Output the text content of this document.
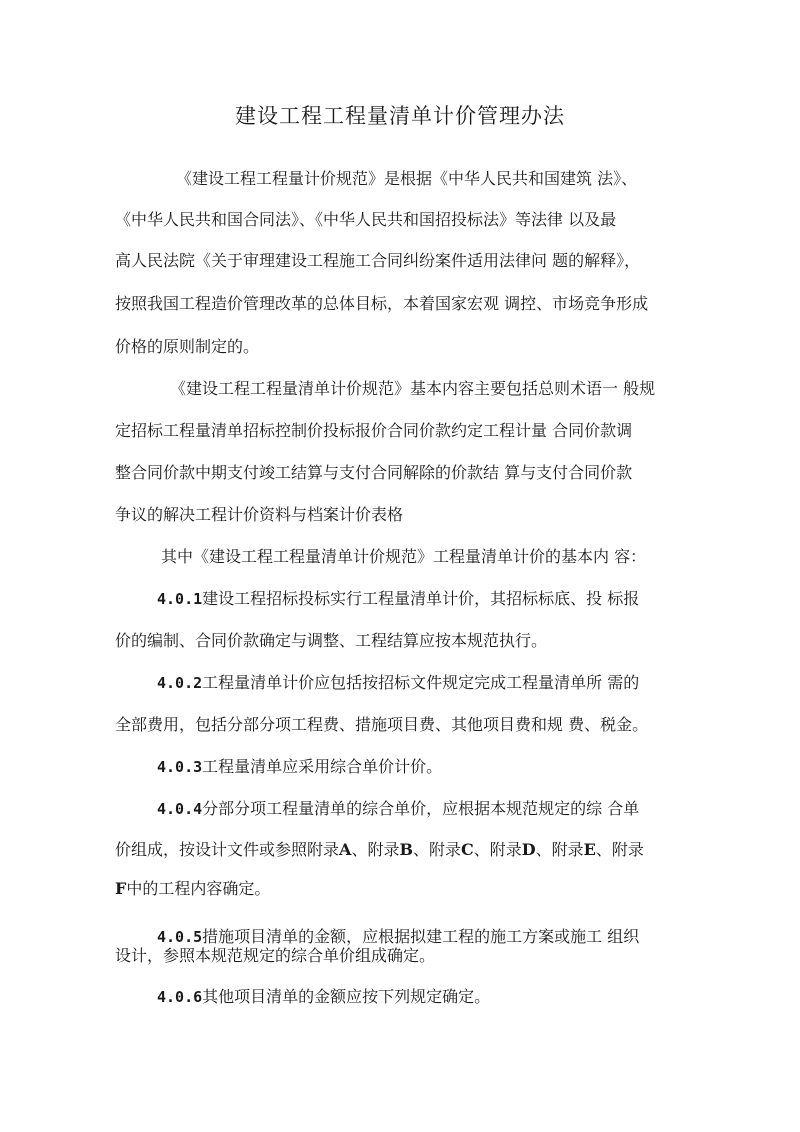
建设工程工程量清单计价管理办法
《建设工程工程量计价规范》是根据《中华人民共和国建筑 法》、
《中华人民共和国合同法》、《中华人民共和国招投标法》等法律 以及最
高人民法院《关于审理建设工程施工合同纠纷案件适用法律问 题的解释》，
按照我国工程造价管理改革的总体目标，本着国家宏观 调控、市场竞争形成
价格的原则制定的。
《建设工程工程量清单计价规范》基本内容主要包括总则术语一 般规
定招标工程量清单招标控制价投标报价合同价款约定工程计量 合同价款调
整合同价款中期支付竣工结算与支付合同解除的价款结 算与支付合同价款
争议的解决工程计价资料与档案计价表格
其中《建设工程工程量清单计价规范》工程量清单计价的基本内 容：
4.0.1建设工程招标投标实行工程量清单计价，其招标标底、投 标报
价的编制、合同价款确定与调整、工程结算应按本规范执行。
4.0.2工程量清单计价应包括按招标文件规定完成工程量清单所 需的
全部费用，包括分部分项工程费、措施项目费、其他项目费和规 费、税金。
4.0.3工程量清单应采用综合单价计价。
4.0.4分部分项工程量清单的综合单价，应根据本规范规定的综 合单
价组成，按设计文件或参照附录A、附录B、附录C、附录D、附录E、附录
F中的工程内容确定。
4.0.5措施项目清单的金额，应根据拟建工程的施工方案或施工 组织
设计，参照本规范规定的综合单价组成确定。
4.0.6其他项目清单的金额应按下列规定确定。
